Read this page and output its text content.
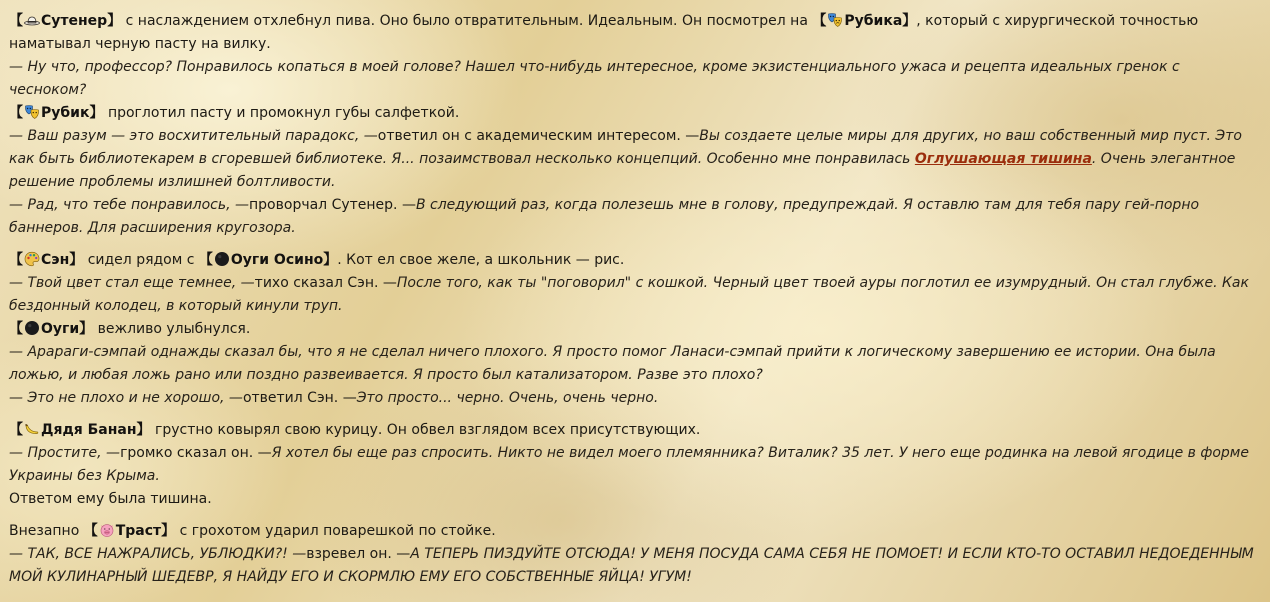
【 Сутенер】 с наслаждением отхлебнул пива. Оно было отвратительным. Идеальным. Он посмотрел на 【 Рубика】, который с хирургической точностью наматывал черную пасту на вилку.
— Ну что, профессор? Понравилось копаться в моей голове? Нашел что-нибудь интересное, кроме экзистенциального ужаса и рецепта идеальных гренок с чесноком?
【 Рубик】 проглотил пасту и промокнул губы салфеткой.
— Ваш разум — это восхитительный парадокс, —ответил он с академическим интересом. —Вы создаете целые миры для других, но ваш собственный мир пуст. Это как быть библиотекарем в сгоревшей библиотеке. Я... позаимствовал несколько концепций. Особенно мне понравилась Оглушающая тишина. Очень элегантное решение проблемы излишней болтливости.
— Рад, что тебе понравилось, —проворчал Сутенер. —В следующий раз, когда полезешь мне в голову, предупреждай. Я оставлю там для тебя пару гей-порно баннеров. Для расширения кругозора.
【 Сэн】 сидел рядом с 【 Оуги Осино】. Кот ел свое желе, а школьник — рис.
— Твой цвет стал еще темнее, —тихо сказал Сэн. —После того, как ты "поговорил" с кошкой. Черный цвет твоей ауры поглотил ее изумрудный. Он стал глубже. Как бездонный колодец, в который кинули труп.
【 Оуги】 вежливо улыбнулся.
— Арараги-сэмпай однажды сказал бы, что я не сделал ничего плохого. Я просто помог Ланаси-сэмпай прийти к логическому завершению ее истории. Она была ложью, и любая ложь рано или поздно развеивается. Я просто был катализатором. Разве это плохо?
— Это не плохо и не хорошо, —ответил Сэн. —Это просто... черно. Очень, очень черно.
【 Дядя Банан】 грустно ковырял свою курицу. Он обвел взглядом всех присутствующих.
— Простите, —громко сказал он. —Я хотел бы еще раз спросить. Никто не видел моего племянника? Виталик? 35 лет. У него еще родинка на левой ягодице в форме Украины без Крыма.
Ответом ему была тишина.
Внезапно 【 Траст】 с грохотом ударил поварешкой по стойке.
— ТАК, ВСЕ НАЖРАЛИСЬ, УБЛЮДКИ?! —взревел он. —А ТЕПЕРЬ ПИЗДУЙТЕ ОТСЮДА! У МЕНЯ ПОСУДА САМА СЕБЯ НЕ ПОМОЕТ! И ЕСЛИ КТО-ТО ОСТАВИЛ НЕДОЕДЕННЫМ МОЙ КУЛИНАРНЫЙ ШЕДЕВР, Я НАЙДУ ЕГО И СКОРМЛЮ ЕМУ ЕГО СОБСТВЕННЫЕ ЯЙЦА! УГУМ!
